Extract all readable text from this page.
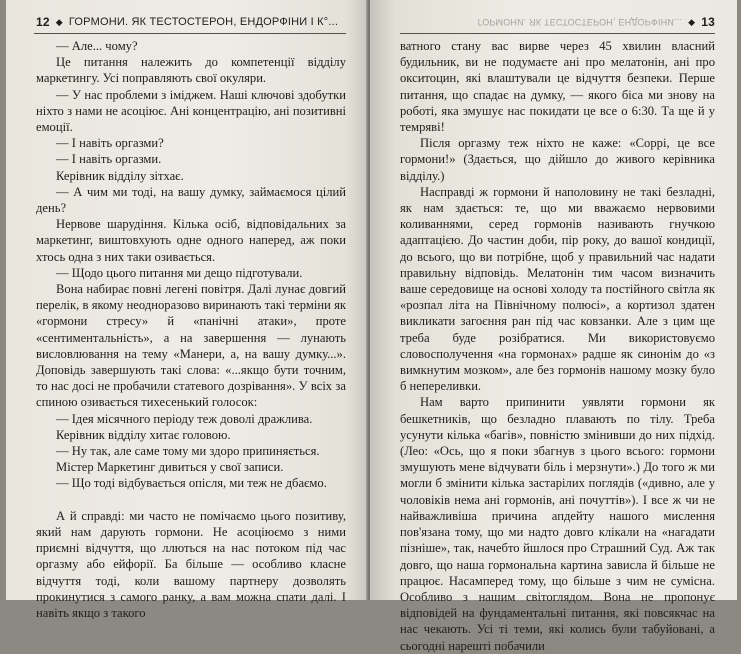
12 ◆ ГОРМОНИ. ЯК ТЕСТОСТЕРОН, ЕНДОРФІНИ І К°...

— Але... чому?

Це питання належить до компетенції відділу маркетингу. Усі поправляють свої окуляри.

— У нас проблеми з іміджем. Наші ключові здобутки ніхто з нами не асоціює. Ані концентрацію, ані позитивні емоції.

— І навіть оргазми?

— І навіть оргазми.

Керівник відділу зітхає.

— А чим ми тоді, на вашу думку, займаємося цілий день?

Нервове шарудіння. Кілька осіб, відповідальних за маркетинг, виштовхують одне одного наперед, аж поки хтось одна з них таки озивається.

— Щодо цього питання ми дещо підготували.

Вона набирає повні легені повітря. Далі лунає довгий перелік, в якому неодноразово виринають такі терміни як «гормони стресу» й «панічні атаки», проте «сентиментальність», а на завершення — лунають висловлювання на тему «Манери, а, на вашу думку...». Доповідь завершують такі слова: «...якщо бути точним, то нас досі не пробачили статевого дозрівання». У всіх за спиною озивається тихесенький голосок:

— Ідея місячного періоду теж доволі дражлива.

Керівник відділу хитає головою.

— Ну так, але саме тому ми здоро припиняється.

Містер Маркетинг дивиться у свої записи.

— Що тоді відбувається опісля, ми теж не дбаємо.

А й справді: ми часто не помічаємо цього позитиву, який нам дарують гормони. Не асоціюємо з ними приємні відчуття, що ллються на нас потоком під час оргазму або ейфорії. Ба більше — особливо класне відчуття тоді, коли вашому партнеру дозволять прокинутися з самого ранку, а вам можна спати далі. І навіть якщо з такого

ГОРМОНИ. ЯК ТЕСТОСТЕРОН, ЕНДОРФІНИ... ◆ 13

ватного стану вас вирве через 45 хвилин власний будильник, ви не подумаєте ані про мелатонін, ані про окситоцин, які влаштували це відчуття безпеки. Перше питання, що спадає на думку, — якого біса ми знову на роботі, яка змушує нас покидати це все о 6:30. Та ще й у темряві!

Після оргазму теж ніхто не каже: «Соррі, це все гормони!» (Здається, що дійшло до живого керівника відділу.)

Насправді ж гормони й наполовину не такі безладні, як нам здається: те, що ми вважаємо нервовими коливаннями, серед гормонів називають гнучкою адаптацією. До частин доби, пір року, до вашої кондиції, до всього, що ви потрібне, щоб у правильний час надати правильну відповідь. Мелатонін тим часом визначить ваше середовище на основі холоду та постійного світла як «розпал літа на Північному полюсі», а кортизол здатен викликати загоєння ран під час ковзанки. Але з цим ще треба буде розібратися. Ми використовуємо словосполучення «на гормонах» радше як синонім до «з вимкнутим мозком», але без гормонів нашому мозку було б непереливки.

Нам варто припинити уявляти гормони як бешкетників, що безладно плавають по тілу. Треба усунути кілька «багів», повністю змінивши до них підхід. (Лео: «Ось, що я поки збагнув з цього всього: гормони змушують мене відчувати біль і мерзнути».) До того ж ми могли б змінити кілька застарілих поглядів («дивно, але у чоловіків нема ані гормонів, ані почуттів»). І все ж чи не найважливіша причина апдейту нашого мислення пов'язана тому, що ми надто довго клікали на «нагадати пізніше», так, начебто йшлося про Страшний Суд. Аж так довго, що наша гормональна картина зависла й більше не працює. Насамперед тому, що більше з чим не сумісна. Особливо з нашим світоглядом. Вона не пропонує відповідей на фундаментальні питання, які повсякчас на нас чекають. Усі ті теми, які колись були табуйовані, а сьогодні нарешті побачили
